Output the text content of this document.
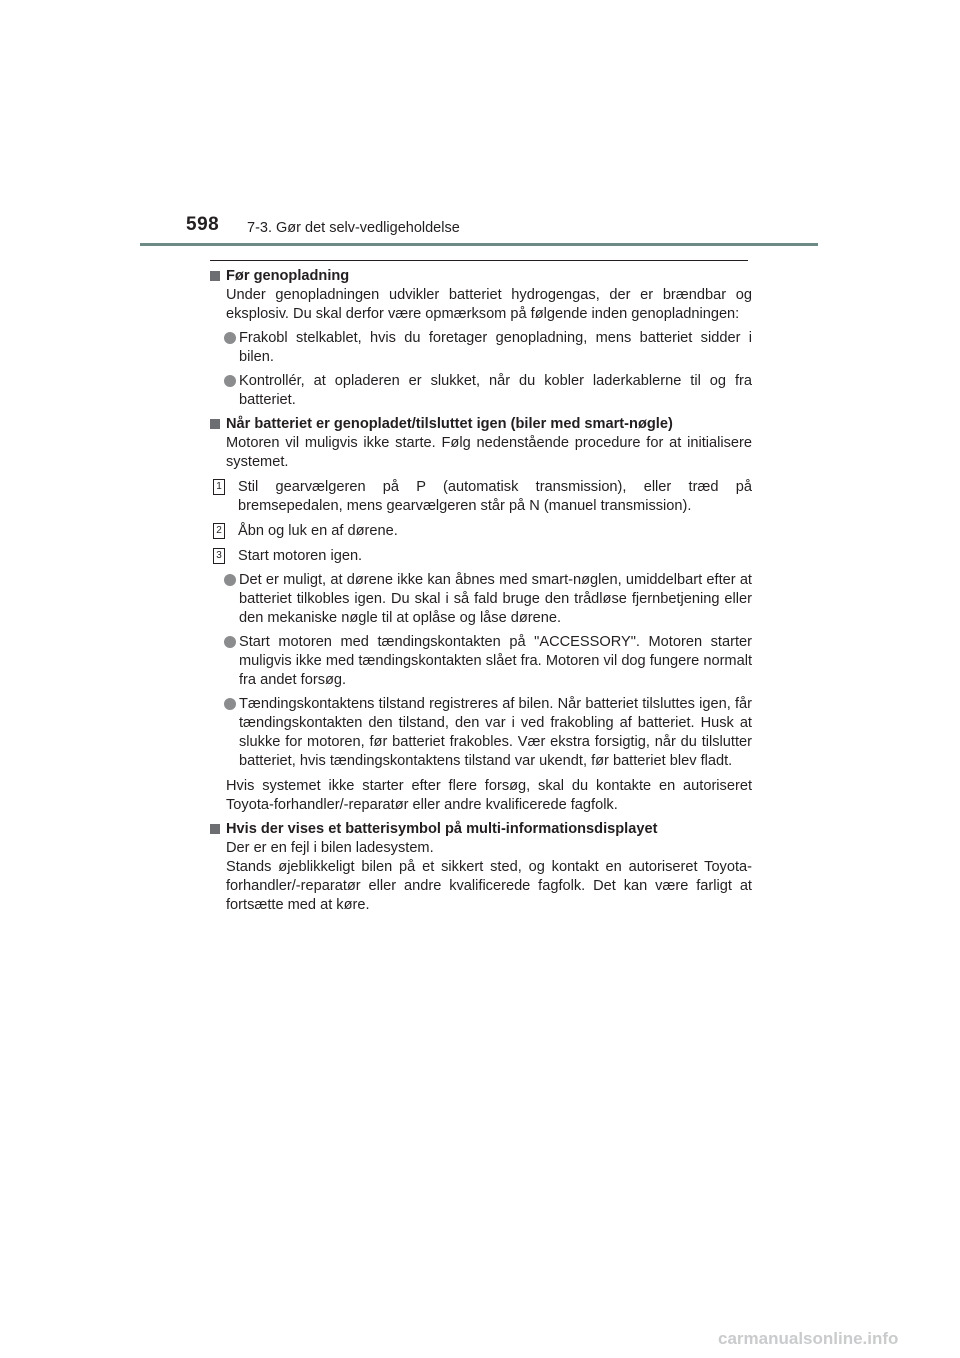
598 7-3. Gør det selv-vedligeholdelse
Før genopladning

Under genopladningen udvikler batteriet hydrogengas, der er brændbar og eksplosiv. Du skal derfor være opmærksom på følgende inden genopladningen:

Frakobl stelkablet, hvis du foretager genopladning, mens batteriet sidder i bilen.
Kontrollér, at opladeren er slukket, når du kobler laderkablerne til og fra batteriet.
Når batteriet er genopladet/tilsluttet igen (biler med smart-nøgle)

Motoren vil muligvis ikke starte. Følg nedenstående procedure for at initialisere systemet.

1 Stil gearvælgeren på P (automatisk transmission), eller træd på bremsepedalen, mens gearvælgeren står på N (manuel transmission).
2 Åbn og luk en af dørene.
3 Start motoren igen.
Det er muligt, at dørene ikke kan åbnes med smart-nøglen, umiddelbart efter at batteriet tilkobles igen. Du skal i så fald bruge den trådløse fjernbetjening eller den mekaniske nøgle til at oplåse og låse dørene.
Start motoren med tændingskontakten på "ACCESSORY". Motoren starter muligvis ikke med tændingskontakten slået fra. Motoren vil dog fungere normalt fra andet forsøg.
Tændingskontaktens tilstand registreres af bilen. Når batteriet tilsluttes igen, får tændingskontakten den tilstand, den var i ved frakobling af batteriet. Husk at slukke for motoren, før batteriet frakobles. Vær ekstra forsigtig, når du tilslutter batteriet, hvis tændingskontaktens tilstand var ukendt, før batteriet blev fladt.

Hvis systemet ikke starter efter flere forsøg, skal du kontakte en autoriseret Toyota-forhandler/-reparatør eller andre kvalificerede fagfolk.

Hvis der vises et batterisymbol på multi-informationsdisplayet

Der er en fejl i bilen ladesystem.

Stands øjeblikkeligt bilen på et sikkert sted, og kontakt en autoriseret Toyota-forhandler/-reparatør eller andre kvalificerede fagfolk. Det kan være farligt at fortsætte med at køre.

carmanualsonline.info
